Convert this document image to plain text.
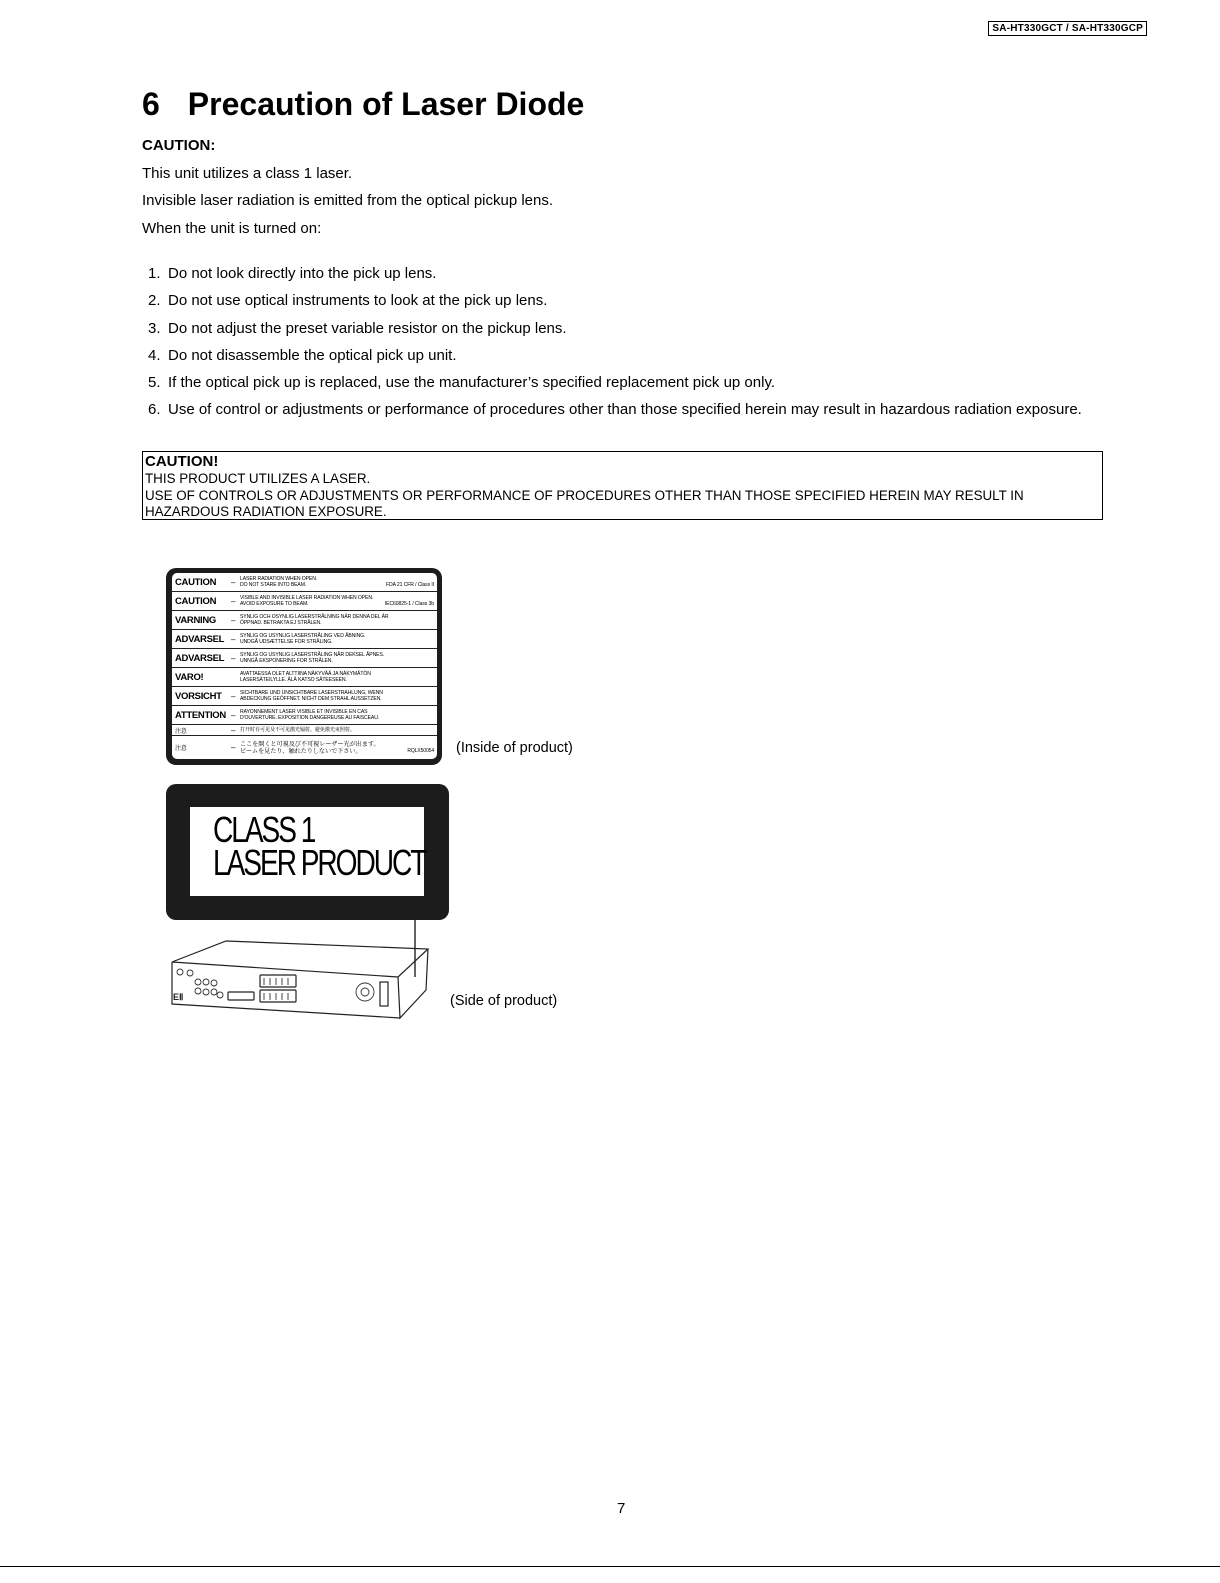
SA-HT330GCT / SA-HT330GCP
6 Precaution of Laser Diode
CAUTION:
This unit utilizes a class 1 laser.
Invisible laser radiation is emitted from the optical pickup lens.
When the unit is turned on:
1. Do not look directly into the pick up lens.
2. Do not use optical instruments to look at the pick up lens.
3. Do not adjust the preset variable resistor on the pickup lens.
4. Do not disassemble the optical pick up unit.
5. If the optical pick up is replaced, use the manufacturer’s specified replacement pick up only.
6. Use of control or adjustments or performance of procedures other than those specified herein may result in hazardous radiation exposure.
CAUTION!
THIS PRODUCT UTILIZES A LASER.
USE OF CONTROLS OR ADJUSTMENTS OR PERFORMANCE OF PROCEDURES OTHER THAN THOSE SPECIFIED HEREIN MAY RESULT IN HAZARDOUS RADIATION EXPOSURE.
CAUTION	– LASER RADIATION WHEN OPEN.
DO NOT STARE INTO BEAM.	FDA 21 CFR / Class II
CAUTION	– VISIBLE AND INVISIBLE LASER RADIATION WHEN OPEN.
AVOID EXPOSURE TO BEAM.	IEC60825-1 / Class 3b
VARNING	– SYNLIG OCH OSYNLIG LASERSTRÅLNING NÄR DENNA DEL ÄR
ÖPPNAD. BETRAKTA EJ STRÅLEN.
ADVARSEL – SYNLIG OG USYNLIG LASERSTRÅLING VED ÅBNING.
UNDGÅ UDSÆTTELSE FOR STRÅLING.
ADVARSEL – SYNLIG OG USYNLIG LASERSTRÅLING NÅR DEKSEL ÅPNES.
UNNGÅ EKSPONERING FOR STRÅLEN.
VARO!	AVATTAESSA OLET ALTTIINA NÄKYVÄÄ JA NÄKYMÄTÖN
LASERSÄTEILYLLE. ÄLÄ KATSO SÄTEESEEN.
VORSICHT	– SICHTBARE UND UNSICHTBARE LASERSTRAHLUNG, WENN
ABDECKUNG GEÖFFNET. NICHT DEM STRAHL AUSSETZEN.
ATTENTION – RAYONNEMENT LASER VISIBLE ET INVISIBLE EN CAS
D'OUVERTURE. EXPOSITION DANGEREUSE AU FAISCEAU.
注意	– 打开时有可见及不可见激光辐射。避免激光束照射。
注意	– ここを開くと可視及び不可視レーザー光が出ます。
ビームを見たり、触れたりしないで下さい。	RQLX50054 (Inside of product)
CLASS 1
LASER PRODUCT
EⅡ	(Side of product)
7
